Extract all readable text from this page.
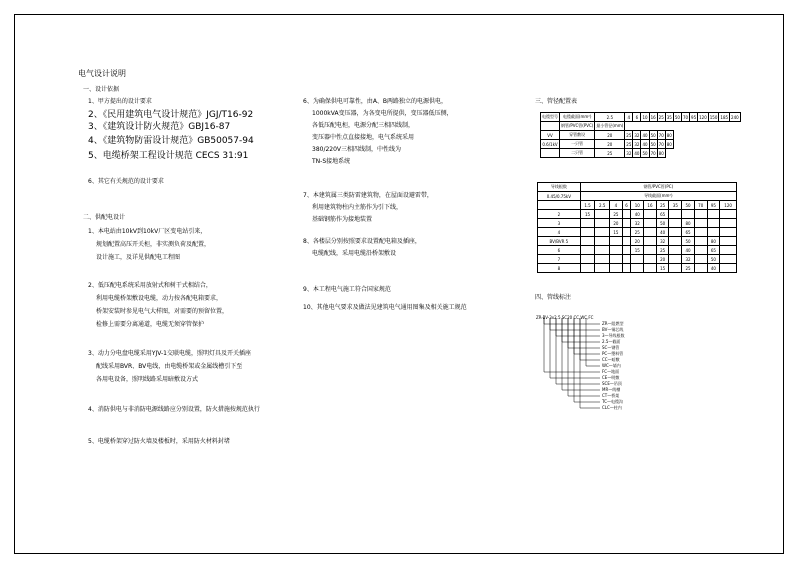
电气设计说明
一、设计依据
1、甲方提出的设计要求
2、《民用建筑电气设计规范》JGJ/T16-92
3、《建筑设计防火规范》GBJ16-87
4、《建筑物防雷设计规范》GB50057-94
5、电缆桥架工程设计规范 CECS 31:91
6、其它有关规范的设计要求
二、供配电设计
1、本电站由10kV到10kV厂区变电站引来，
规划配置高压开关柜，非实测负荷及配置，
设计施工，及详见供配电工程图
2、低压配电系统采用放射式和树干式相结合，
利用电缆桥架敷设电缆，动力按各配电箱要求，
桥架安装时参见电气大样图，对需要的预留位置，
检修上需要分离通道，电缆无须穿管保护
3、动力分电盘电缆采用YJV-1交联电缆，照明灯具及开关插座
配线采用BVR、BV电线，由电缆桥架或金属线槽引下至
各用电设备，照明线路采用暗敷设方式
4、消防供电与非消防电源线路应分别设置，防火措施按规范执行
5、电缆桥架穿过防火墙及楼板时，采用防火材料封堵
6、为确保供电可靠性，由A、B两路独立的电源供电，
1000kVA变压器，为各变电所提供，变压器低压侧，
各低压配电柜，电源分配三相四线制，
变压器中性点直接接地，电气系统采用
380/220V三相四线制，中性线为
TN-S接地系统
7、本建筑属三类防雷建筑物，在屋面设避雷带，
利用建筑物柱内主筋作为引下线，
基础钢筋作为接地装置
8、各楼层分别按照要求设置配电箱及插座，
电缆配线，采用电缆沿桥架敷设
9、本工程电气施工符合国家规范
10、其他电气要求及做法见建筑电气通用图集及相关施工规范
三、管径配置表
电缆型号	电缆截面(mm²)	2.5	4	6	10	16	25	35	50	70	95	120	150	185	240
	钢管/PVC管(PVC)	最小管径(mm)													
VV	穿管敷设	20	25	32	40	50	70	80							
0.6/1kV	一只管	20	25	32	40	50	70	80							
	二只管	25	32	40	50	70	80								
导线根数	钢管/PVC管(PC)											
0.45/0.75kV	导线截面(mm²)											
	1.5	2.5	4	6	10	16	25	35	50	70	95	120
2	15		25		40		65					
3			20		32		50		80			
4			15		25		40		65			
BV/BVR 5					20		32		50		80	
6					15		25		40		65	
7							20		32		50	
8							15		25		40	
四、管线标注
ZR-BV-3x2.5 SC20 CC,WC,FC
ZR—阻燃型
BV—铜芯线
3—导线根数
2.5—截面
SC—钢管
PC—塑料管
CC—暗敷
WC—墙内
FC—地面
CE—明敷
SCE—吊顶
MR—线槽
CT—桥架
TC—电缆沟
CLC—柱内
